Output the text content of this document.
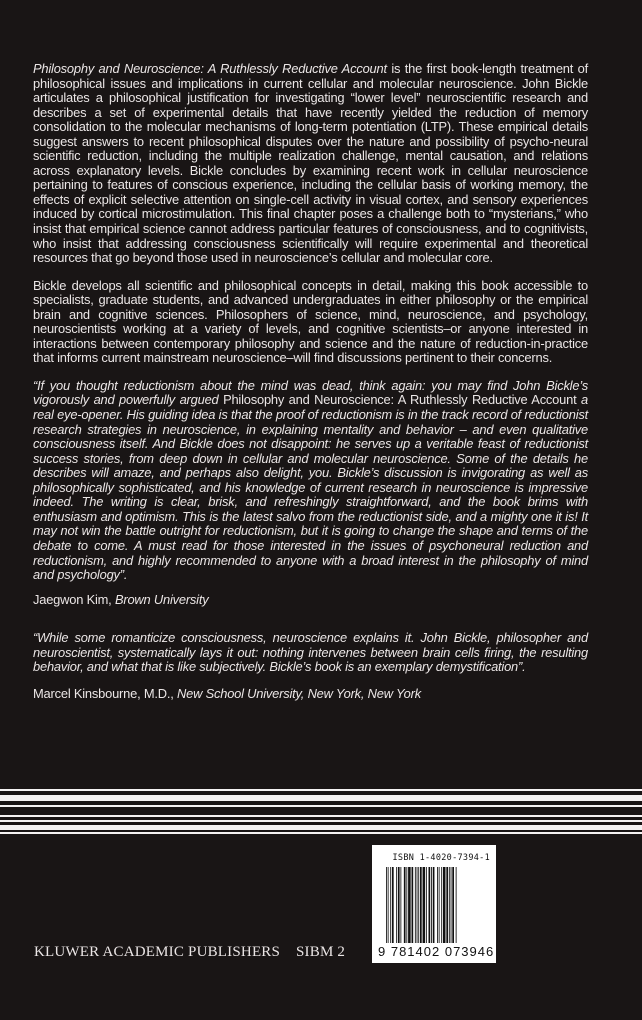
Philosophy and Neuroscience: A Ruthlessly Reductive Account is the first book-length treatment of philosophical issues and implications in current cellular and molecular neuroscience. John Bickle articulates a philosophical justification for investigating “lower level” neuroscientific research and describes a set of experimental details that have recently yielded the reduction of memory consolidation to the molecular mechanisms of long-term potentiation (LTP). These empirical details suggest answers to recent philosophical disputes over the nature and possibility of psycho-neural scientific reduction, including the multiple realization challenge, mental causation, and relations across explanatory levels. Bickle concludes by examining recent work in cellular neuroscience pertaining to features of conscious experience, including the cellular basis of working memory, the effects of explicit selective attention on single-cell activity in visual cortex, and sensory experiences induced by cortical microstimulation. This final chapter poses a challenge both to “mysterians,” who insist that empirical science cannot address particular features of consciousness, and to cognitivists, who insist that addressing consciousness scientifically will require experimental and theoretical resources that go beyond those used in neuroscience’s cellular and molecular core.
Bickle develops all scientific and philosophical concepts in detail, making this book accessible to specialists, graduate students, and advanced undergraduates in either philosophy or the empirical brain and cognitive sciences. Philosophers of science, mind, neuroscience, and psychology, neuroscientists working at a variety of levels, and cognitive scientists–or anyone interested in interactions between contemporary philosophy and science and the nature of reduction-in-practice that informs current mainstream neuroscience–will find discussions pertinent to their concerns.
“If you thought reductionism about the mind was dead, think again: you may find John Bickle’s vigorously and powerfully argued Philosophy and Neuroscience: A Ruthlessly Reductive Account a real eye-opener. His guiding idea is that the proof of reductionism is in the track record of reductionist research strategies in neuroscience, in explaining mentality and behavior – and even qualitative consciousness itself. And Bickle does not disappoint: he serves up a veritable feast of reductionist success stories, from deep down in cellular and molecular neuroscience. Some of the details he describes will amaze, and perhaps also delight, you. Bickle’s discussion is invigorating as well as philosophically sophisticated, and his knowledge of current research in neuroscience is impressive indeed. The writing is clear, brisk, and refreshingly straightforward, and the book brims with enthusiasm and optimism. This is the latest salvo from the reductionist side, and a mighty one it is! It may not win the battle outright for reductionism, but it is going to change the shape and terms of the debate to come. A must read for those interested in the issues of psychoneural reduction and reductionism, and highly recommended to anyone with a broad interest in the philosophy of mind and psychology”.
Jaegwon Kim, Brown University
“While some romanticize consciousness, neuroscience explains it. John Bickle, philosopher and neuroscientist, systematically lays it out: nothing intervenes between brain cells firing, the resulting behavior, and what that is like subjectively. Bickle’s book is an exemplary demystification”.
Marcel Kinsbourne, M.D., New School University, New York, New York
KLUWER ACADEMIC PUBLISHERS SIBM 2
ISBN 1-4020-7394-1
9 781402 073946
